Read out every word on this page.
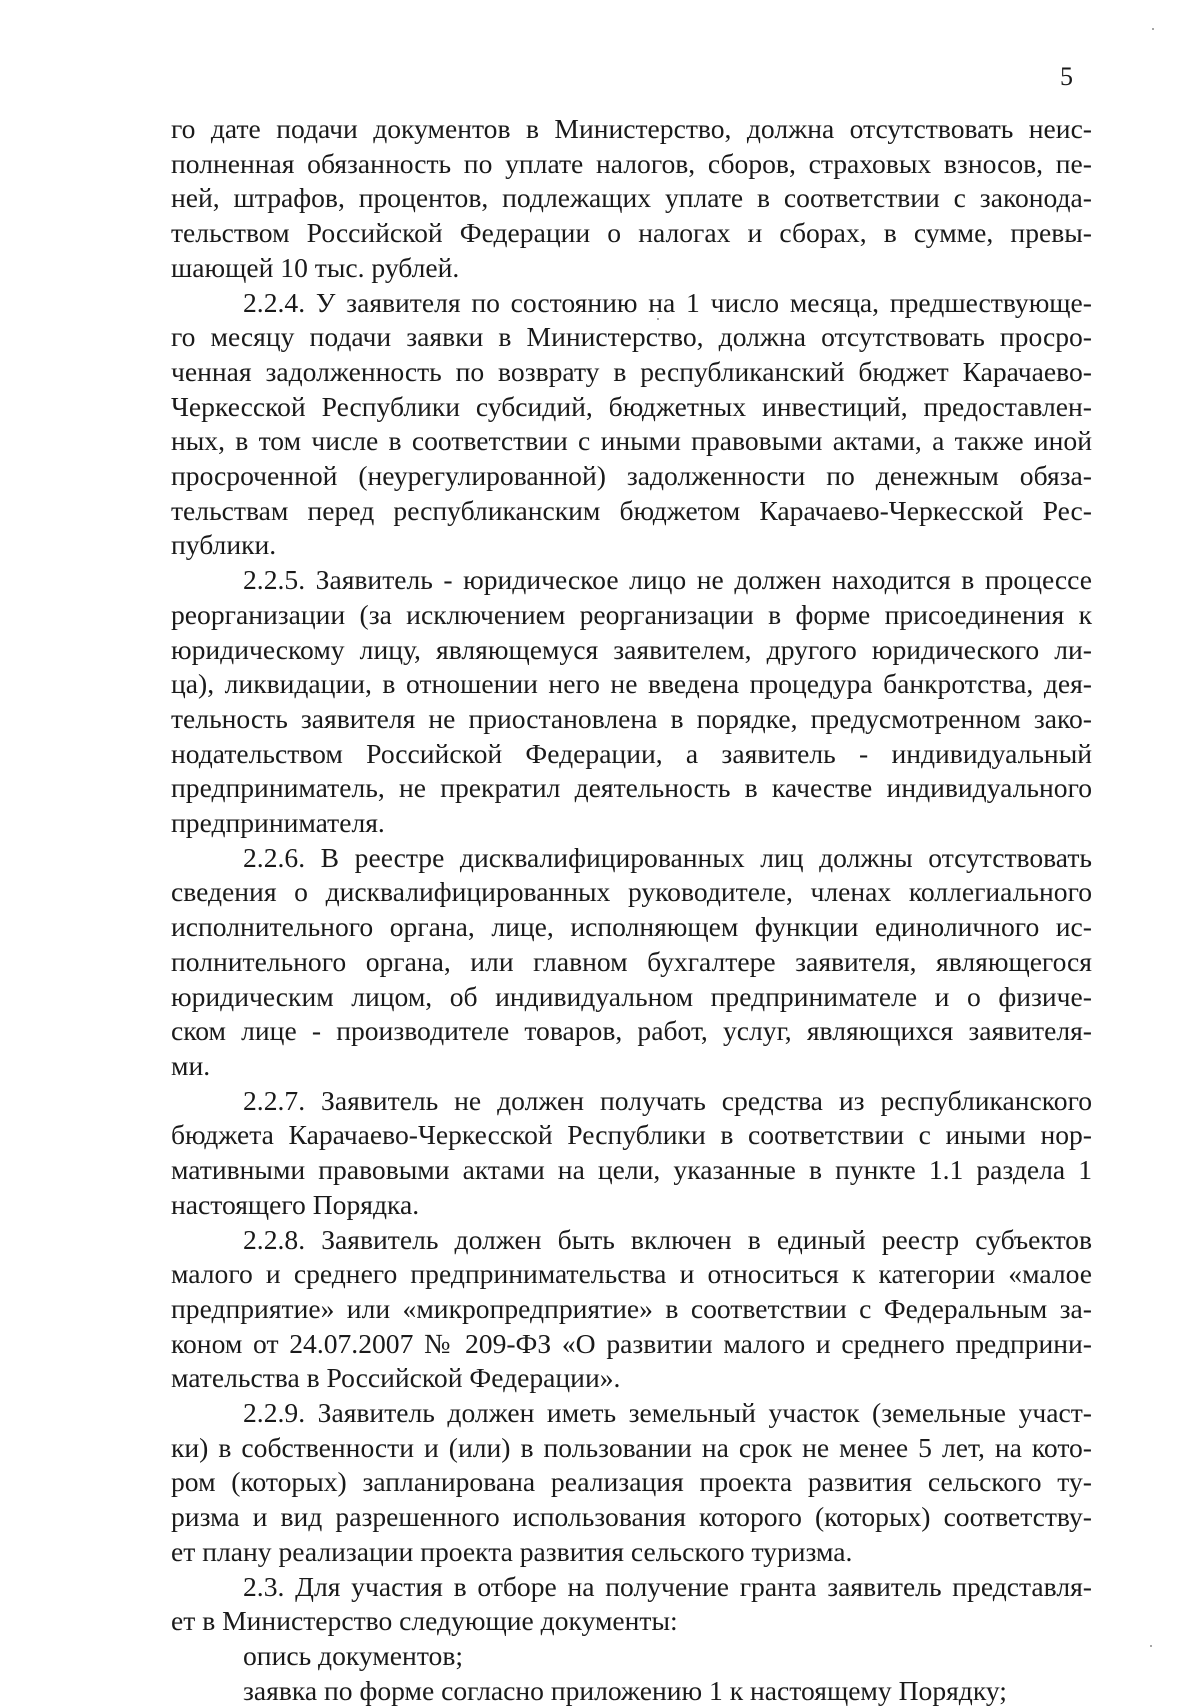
5
го дате подачи документов в Министерство, должна отсутствовать неис-
полненная обязанность по уплате налогов, сборов, страховых взносов, пе-
ней, штрафов, процентов, подлежащих уплате в соответствии с законода-
тельством Российской Федерации о налогах и сборах, в сумме, превы-
шающей 10 тыс. рублей.
2.2.4. У заявителя по состоянию на 1 число месяца, предшествующе-
го месяцу подачи заявки в Министерство, должна отсутствовать просро-
ченная задолженность по возврату в республиканский бюджет Карачаево-
Черкесской Республики субсидий, бюджетных инвестиций, предоставлен-
ных, в том числе в соответствии с иными правовыми актами, а также иной
просроченной (неурегулированной) задолженности по денежным обяза-
тельствам перед республиканским бюджетом Карачаево-Черкесской Рес-
публики.
2.2.5. Заявитель - юридическое лицо не должен находится в процессе
реорганизации (за исключением реорганизации в форме присоединения к
юридическому лицу, являющемуся заявителем, другого юридического ли-
ца), ликвидации, в отношении него не введена процедура банкротства, дея-
тельность заявителя не приостановлена в порядке, предусмотренном зако-
нодательством Российской Федерации, а заявитель - индивидуальный
предприниматель, не прекратил деятельность в качестве индивидуального
предпринимателя.
2.2.6. В реестре дисквалифицированных лиц должны отсутствовать
сведения о дисквалифицированных руководителе, членах коллегиального
исполнительного органа, лице, исполняющем функции единоличного ис-
полнительного органа, или главном бухгалтере заявителя, являющегося
юридическим лицом, об индивидуальном предпринимателе и о физиче-
ском лице - производителе товаров, работ, услуг, являющихся заявителя-
ми.
2.2.7. Заявитель не должен получать средства из республиканского
бюджета Карачаево-Черкесской Республики в соответствии с иными нор-
мативными правовыми актами на цели, указанные в пункте 1.1 раздела 1
настоящего Порядка.
2.2.8. Заявитель должен быть включен в единый реестр субъектов
малого и среднего предпринимательства и относиться к категории «малое
предприятие» или «микропредприятие» в соответствии с Федеральным за-
коном от 24.07.2007 № 209-ФЗ «О развитии малого и среднего предприни-
мательства в Российской Федерации».
2.2.9. Заявитель должен иметь земельный участок (земельные участ-
ки) в собственности и (или) в пользовании на срок не менее 5 лет, на кото-
ром (которых) запланирована реализация проекта развития сельского ту-
ризма и вид разрешенного использования которого (которых) соответству-
ет плану реализации проекта развития сельского туризма.
2.3. Для участия в отборе на получение гранта заявитель представля-
ет в Министерство следующие документы:
опись документов;
заявка по форме согласно приложению 1 к настоящему Порядку;
